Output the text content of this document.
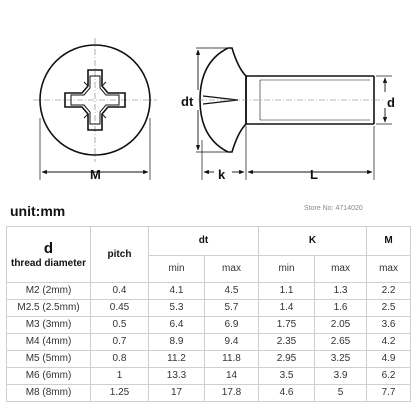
dt	d
M	k	L
unit:mm	Store No: 4714020
d
thread diameter	pitch	dt		K		M
		min	max	min	max	max
M2 (2mm)	0.4	4.1	4.5	1.1	1.3	2.2
M2.5 (2.5mm)	0.45	5.3	5.7	1.4	1.6	2.5
M3 (3mm)	0.5	6.4	6.9	1.75	2.05	3.6
M4 (4mm)	0.7	8.9	9.4	2.35	2.65	4.2
M5 (5mm)	0.8	11.2	11.8	2.95	3.25	4.9
M6 (6mm)	1	13.3	14	3.5	3.9	6.2
M8 (8mm)	1.25	17	17.8	4.6	5	7.7
